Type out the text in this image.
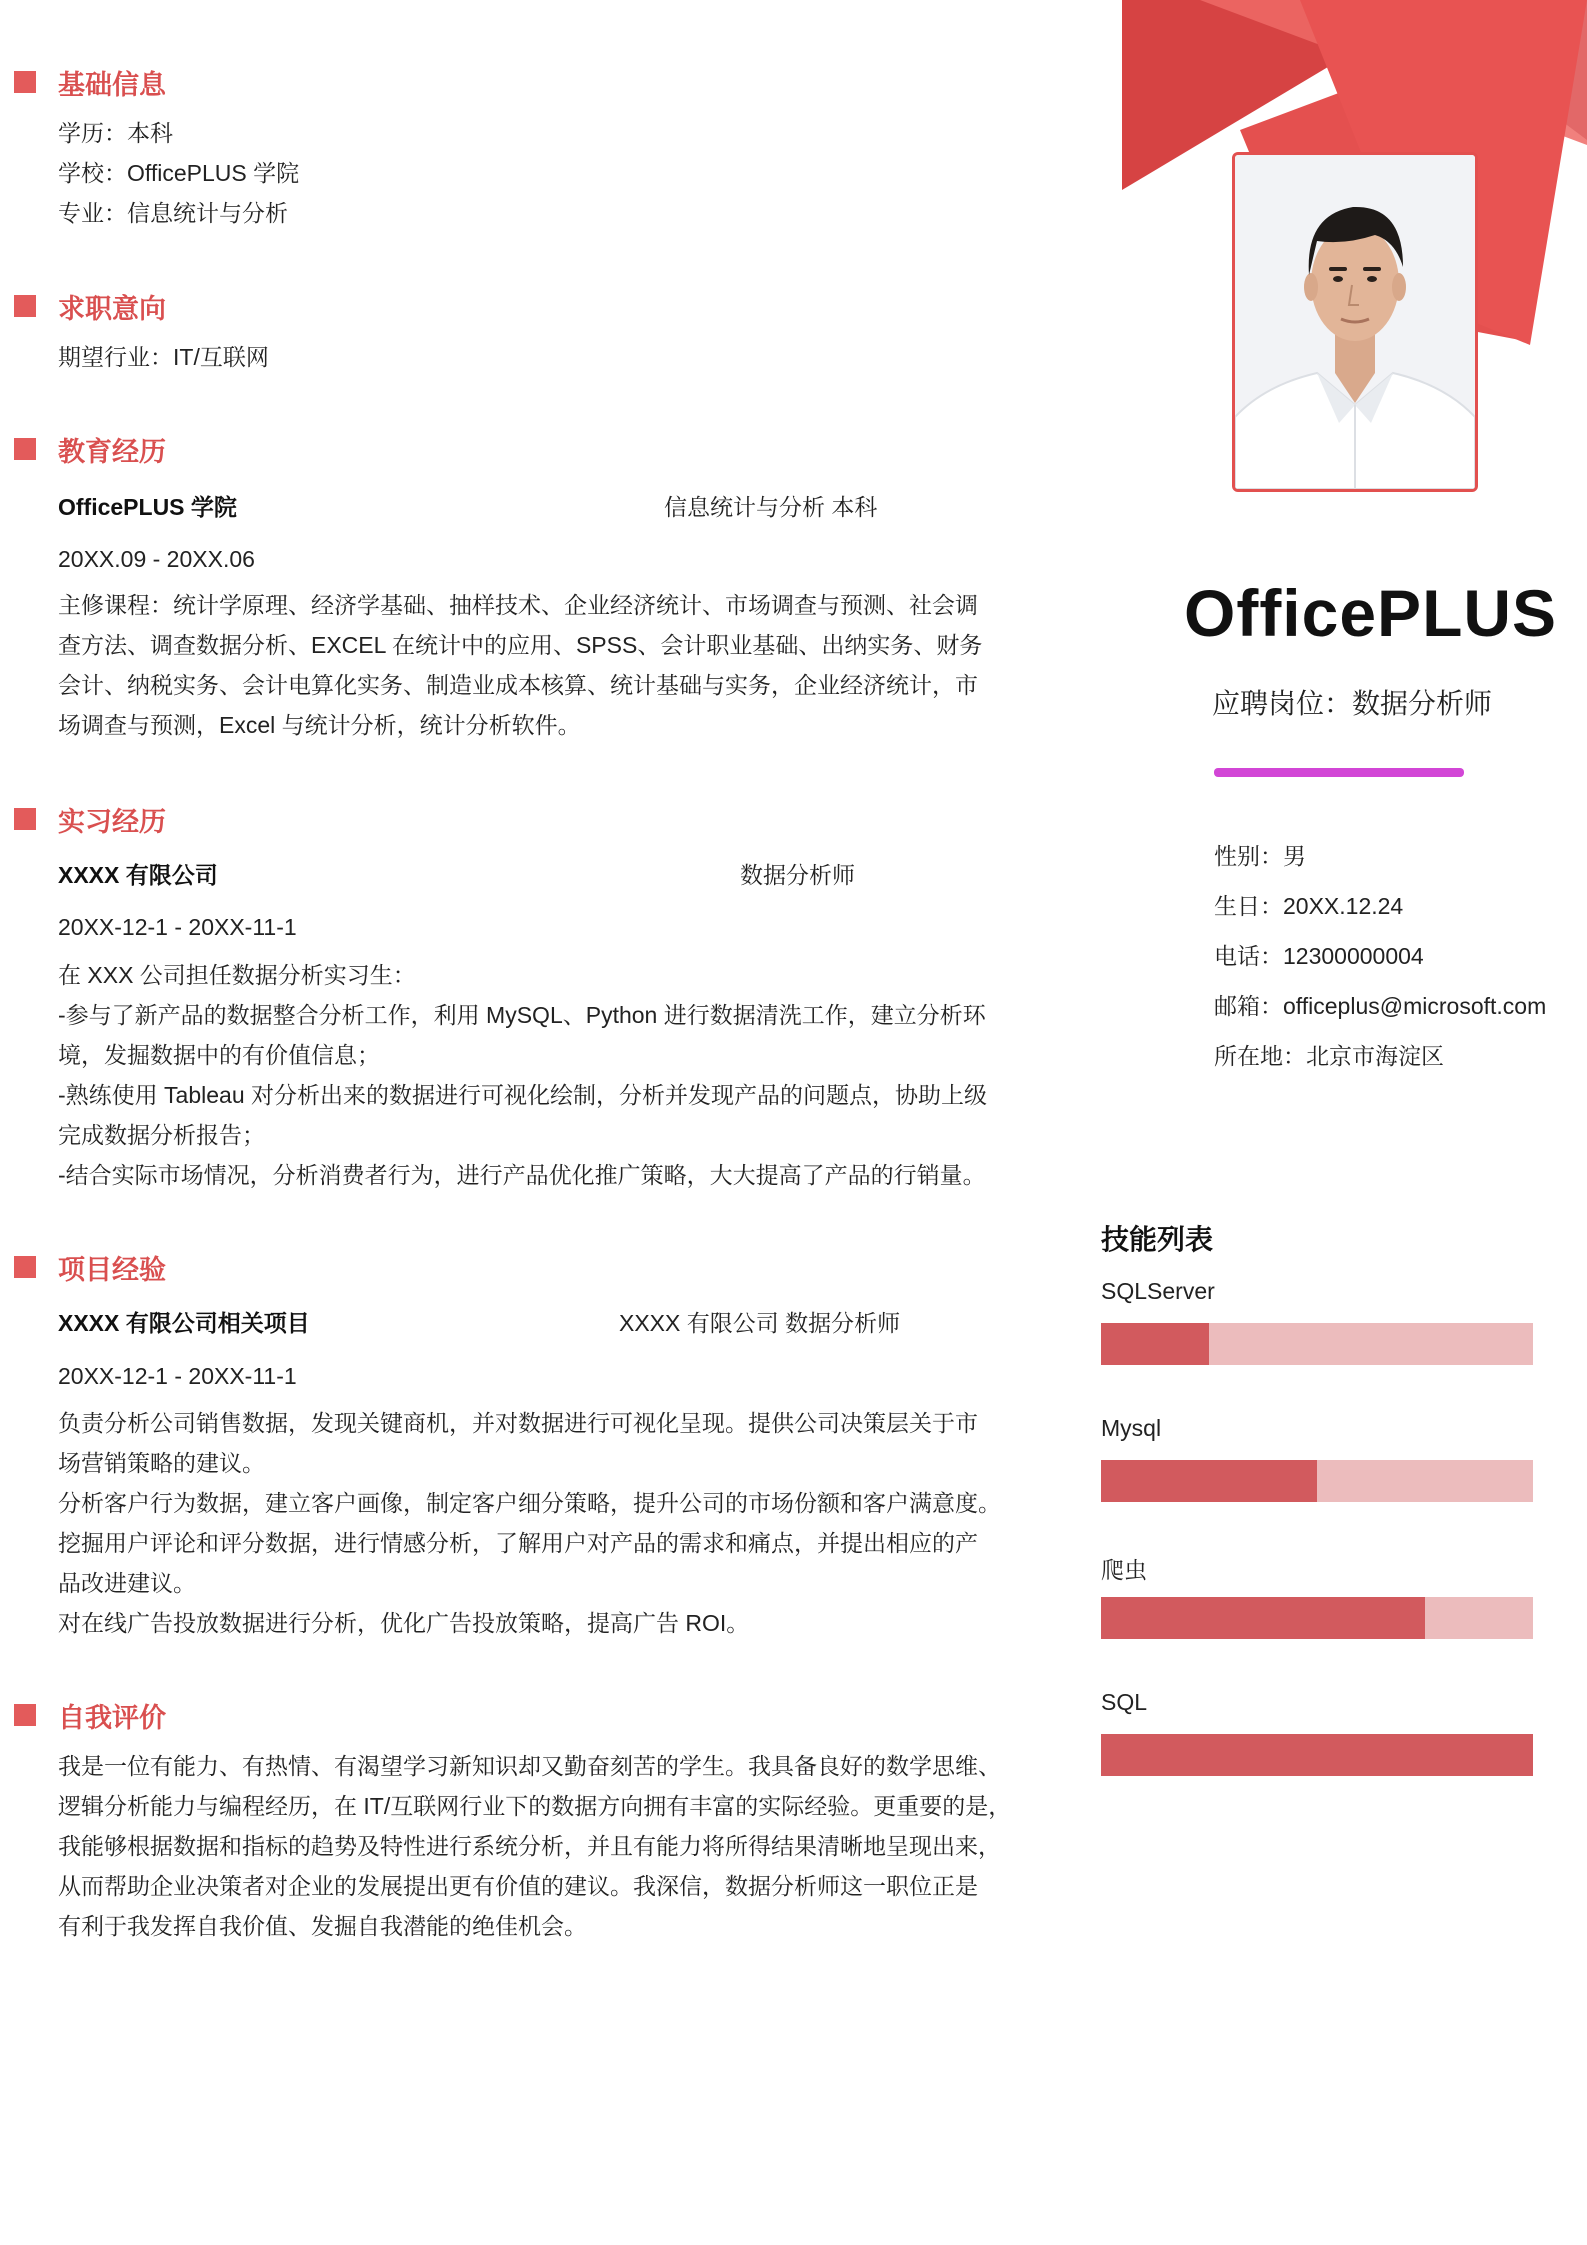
基础信息
学历：本科
学校：OfficePLUS 学院
专业：信息统计与分析
求职意向
期望行业：IT/互联网
教育经历
OfficePLUS 学院	信息统计与分析 本科
20XX.09 - 20XX.06
主修课程：统计学原理、经济学基础、抽样技术、企业经济统计、市场调查与预测、社会调
查方法、调查数据分析、EXCEL 在统计中的应用、SPSS、会计职业基础、出纳实务、财务
会计、纳税实务、会计电算化实务、制造业成本核算、统计基础与实务，企业经济统计，市
场调查与预测，Excel 与统计分析，统计分析软件。
实习经历
XXXX 有限公司	数据分析师
20XX-12-1 - 20XX-11-1
在 XXX 公司担任数据分析实习生：
-参与了新产品的数据整合分析工作，利用 MySQL、Python 进行数据清洗工作，建立分析环
境，发掘数据中的有价值信息；
-熟练使用 Tableau 对分析出来的数据进行可视化绘制，分析并发现产品的问题点，协助上级
完成数据分析报告；
-结合实际市场情况，分析消费者行为，进行产品优化推广策略，大大提高了产品的行销量。
项目经验
XXXX 有限公司相关项目	XXXX 有限公司 数据分析师
20XX-12-1 - 20XX-11-1
负责分析公司销售数据，发现关键商机，并对数据进行可视化呈现。提供公司决策层关于市
场营销策略的建议。
分析客户行为数据，建立客户画像，制定客户细分策略，提升公司的市场份额和客户满意度。
挖掘用户评论和评分数据，进行情感分析，了解用户对产品的需求和痛点，并提出相应的产
品改进建议。
对在线广告投放数据进行分析，优化广告投放策略，提高广告 ROI。
自我评价
我是一位有能力、有热情、有渴望学习新知识却又勤奋刻苦的学生。我具备良好的数学思维、
逻辑分析能力与编程经历，在 IT/互联网行业下的数据方向拥有丰富的实际经验。更重要的是，
我能够根据数据和指标的趋势及特性进行系统分析，并且有能力将所得结果清晰地呈现出来，
从而帮助企业决策者对企业的发展提出更有价值的建议。我深信，数据分析师这一职位正是
有利于我发挥自我价值、发掘自我潜能的绝佳机会。
OfficePLUS
应聘岗位：数据分析师
性别：男
生日：20XX.12.24
电话：12300000004
邮箱：officeplus@microsoft.com
所在地：北京市海淀区
技能列表
SQLServer
Mysql
爬虫
SQL
